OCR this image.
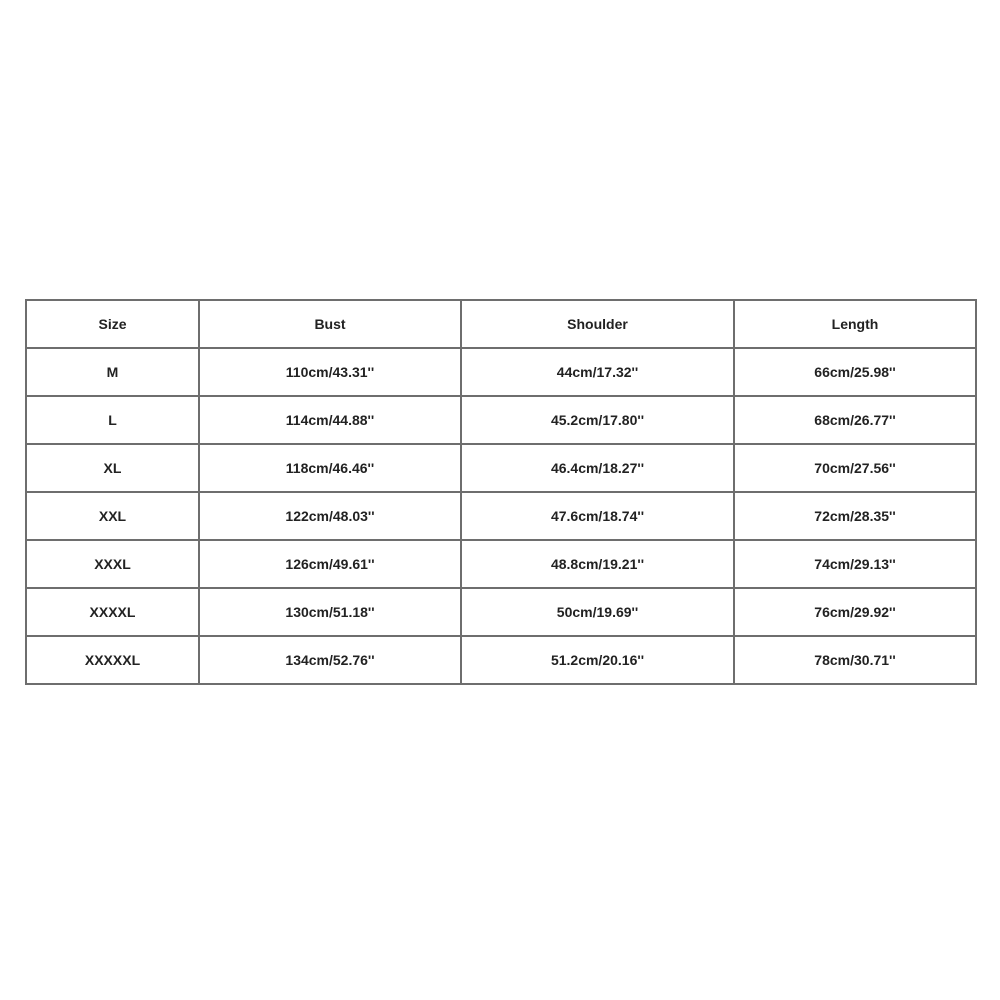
Size	Bust	Shoulder	Length
M	110cm/43.31''	44cm/17.32''	66cm/25.98''
L	114cm/44.88''	45.2cm/17.80''	68cm/26.77''
XL	118cm/46.46''	46.4cm/18.27''	70cm/27.56''
XXL	122cm/48.03''	47.6cm/18.74''	72cm/28.35''
XXXL	126cm/49.61''	48.8cm/19.21''	74cm/29.13''
XXXXL	130cm/51.18''	50cm/19.69''	76cm/29.92''
XXXXXL	134cm/52.76''	51.2cm/20.16''	78cm/30.71''
